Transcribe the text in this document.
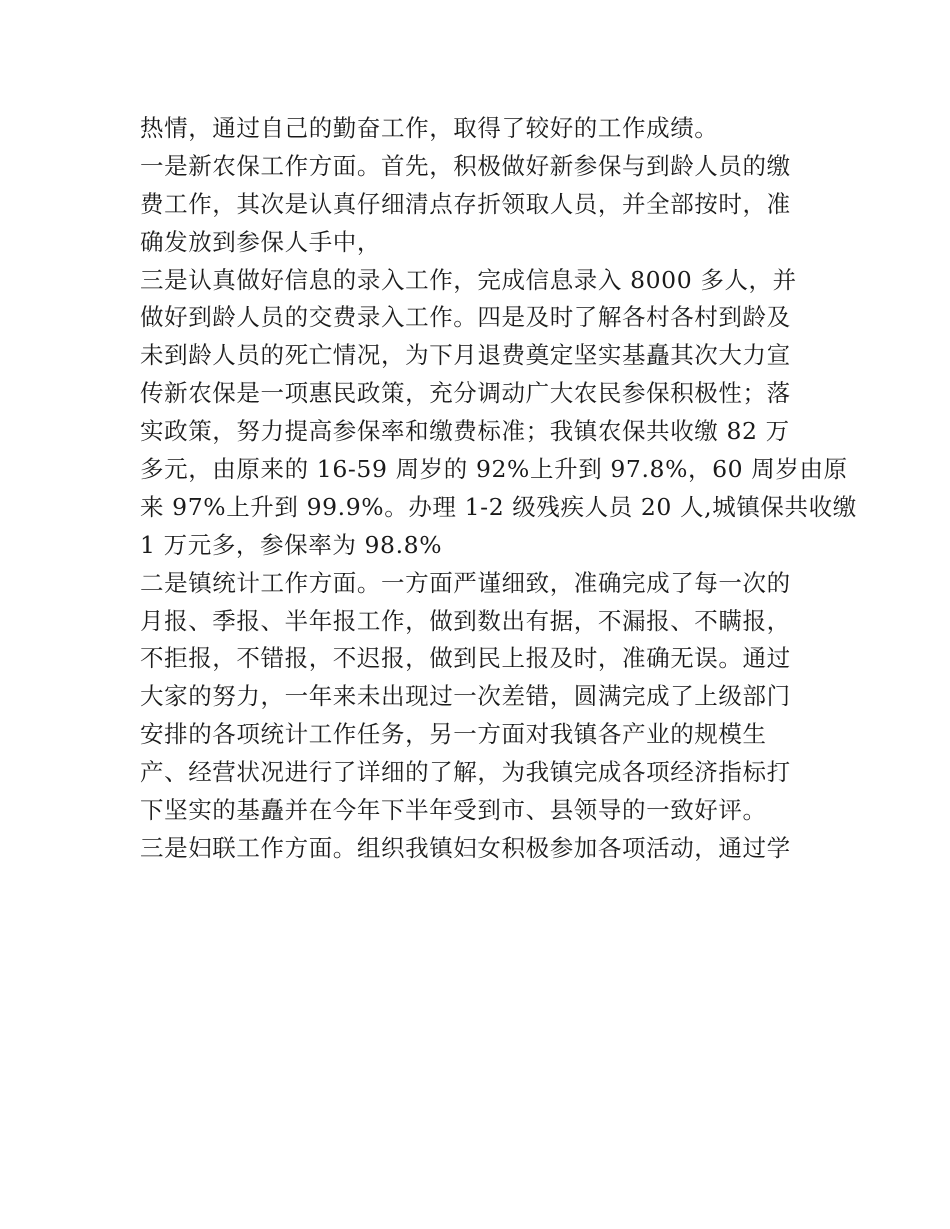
热情，通过自己的勤奋工作，取得了较好的工作成绩。
一是新农保工作方面。首先，积极做好新参保与到龄人员的缴
费工作，其次是认真仔细清点存折领取人员，并全部按时，准
确发放到参保人手中，
三是认真做好信息的录入工作，完成信息录入 8000 多人，并
做好到龄人员的交费录入工作。四是及时了解各村各村到龄及
未到龄人员的死亡情况，为下月退费奠定坚实基矗其次大力宣
传新农保是一项惠民政策，充分调动广大农民参保积极性；落
实政策，努力提高参保率和缴费标准；我镇农保共收缴 82 万
多元，由原来的 16-59 周岁的 92%上升到 97.8%，60 周岁由原
来 97%上升到 99.9%。办理 1-2 级残疾人员 20 人,城镇保共收缴
1 万元多，参保率为 98.8%
二是镇统计工作方面。一方面严谨细致，准确完成了每一次的
月报、季报、半年报工作，做到数出有据，不漏报、不瞒报，
不拒报，不错报，不迟报，做到民上报及时，准确无误。通过
大家的努力，一年来未出现过一次差错，圆满完成了上级部门
安排的各项统计工作任务，另一方面对我镇各产业的规模生
产、经营状况进行了详细的了解，为我镇完成各项经济指标打
下坚实的基矗并在今年下半年受到市、县领导的一致好评。
三是妇联工作方面。组织我镇妇女积极参加各项活动，通过学
